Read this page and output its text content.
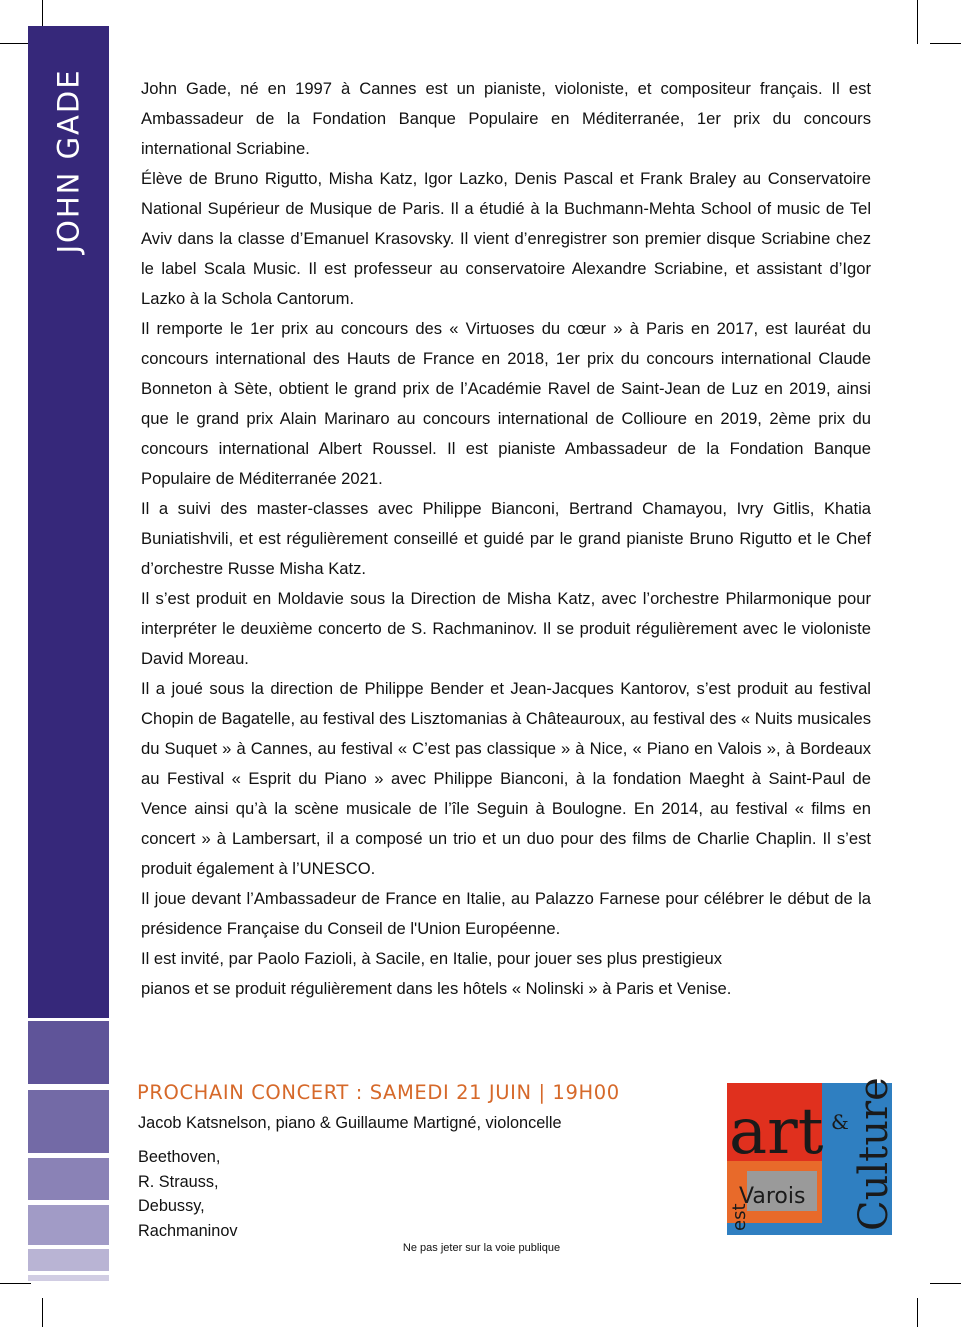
JOHN GADE	John Gade, né en 1997 à Cannes est un pianiste, violoniste, et compositeur français. Il est Ambassadeur de la Fondation Banque Populaire en Méditerranée, 1er prix du concours international Scriabine.

Élève de Bruno Rigutto, Misha Katz, Igor Lazko, Denis Pascal et Frank Braley au Conservatoire National Supérieur de Musique de Paris. Il a étudié à la Buchmann-Mehta School of music de Tel Aviv dans la classe d’Emanuel Krasovsky. Il vient d’enregistrer son premier disque Scriabine chez le label Scala Music. Il est professeur au conservatoire Alexandre Scriabine, et assistant d’Igor Lazko à la Schola Cantorum.

Il remporte le 1er prix au concours des « Virtuoses du cœur » à Paris en 2017, est lauréat du concours international des Hauts de France en 2018, 1er prix du concours international Claude Bonneton à Sète, obtient le grand prix de l’Académie Ravel de Saint-Jean de Luz en 2019, ainsi que le grand prix Alain Marinaro au concours international de Collioure en 2019, 2ème prix du concours international Albert Roussel. Il est pianiste Ambassadeur de la Fondation Banque Populaire de Méditerranée 2021.

Il a suivi des master-classes avec Philippe Bianconi, Bertrand Chamayou, Ivry Gitlis, Khatia Buniatishvili, et est régulièrement conseillé et guidé par le grand pianiste Bruno Rigutto et le Chef d’orchestre Russe Misha Katz.

Il s’est produit en Moldavie sous la Direction de Misha Katz, avec l’orchestre Philarmonique pour interpréter le deuxième concerto de S. Rachmaninov. Il se produit régulièrement avec le violoniste David Moreau.

Il a joué sous la direction de Philippe Bender et Jean-Jacques Kantorov, s’est produit au festival Chopin de Bagatelle, au festival des Lisztomanias à Châteauroux, au festival des « Nuits musicales du Suquet » à Cannes, au festival « C’est pas classique » à Nice, « Piano en Valois », à Bordeaux au Festival « Esprit du Piano » avec Philippe Bianconi, à la fondation Maeght à Saint-Paul de Vence ainsi qu’à la scène musicale de l’île Seguin à Boulogne. En 2014, au festival « films en concert » à Lambersart, il a composé un trio et un duo pour des films de Charlie Chaplin. Il s’est produit également à l’UNESCO.

Il joue devant l’Ambassadeur de France en Italie, au Palazzo Farnese pour célébrer le début de la présidence Française du Conseil de l'Union Européenne.

Il est invité, par Paolo Fazioli, à Sacile, en Italie, pour jouer ses plus prestigieux

pianos et se produit régulièrement dans les hôtels « Nolinski » à Paris et Venise.

PROCHAIN CONCERT : SAMEDI 21 JUIN | 19H00
Jacob Katsnelson, piano & Guillaume Martigné, violoncelle
Beethoven,
R. Strauss,
Debussy,
Rachmaninov
Ne pas jeter sur la voie publique
art &
Varois
est	Culture
